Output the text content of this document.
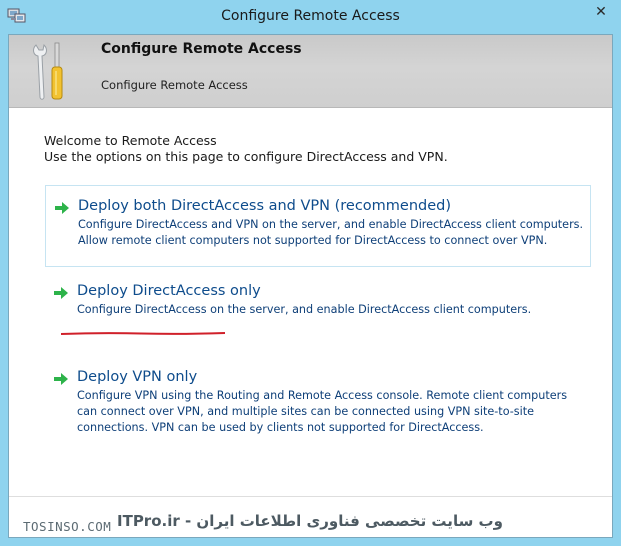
Configure Remote Access	✕
Configure Remote Access
Configure Remote Access
Welcome to Remote Access
Use the options on this page to configure DirectAccess and VPN.
Deploy both DirectAccess and VPN (recommended)
Configure DirectAccess and VPN on the server, and enable DirectAccess client computers. Allow remote client computers not supported for DirectAccess to connect over VPN.
Deploy DirectAccess only
Configure DirectAccess on the server, and enable DirectAccess client computers.
Deploy VPN only
Configure VPN using the Routing and Remote Access console. Remote client computers can connect over VPN, and multiple sites can be connected using VPN site-to-site connections. VPN can be used by clients not supported for DirectAccess.
TOSINSO.COM وب سایت تخصصی فناوری اطلاعات ایران - ITPro.ir
